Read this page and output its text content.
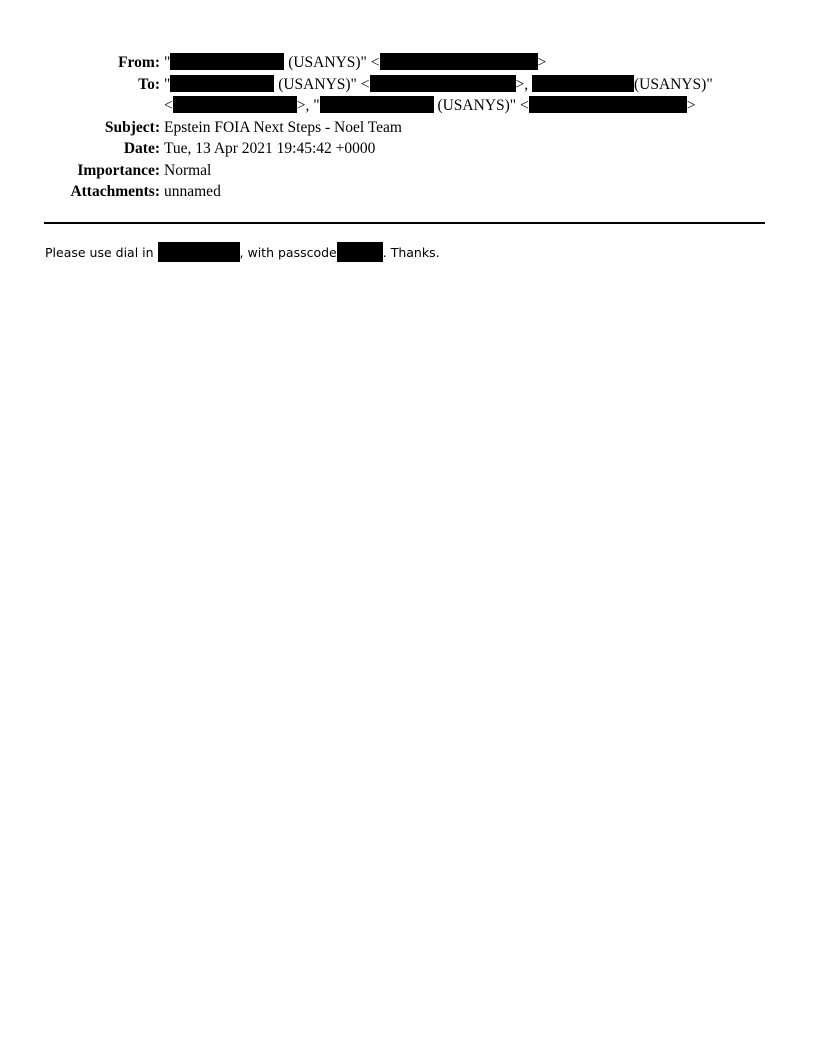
From: "	(USANYS)" <	>
To: "	(USANYS)" <	>,	(USANYS)"
<	>, "	(USANYS)" <	>
Subject: Epstein FOIA Next Steps - Noel Team
Date: Tue, 13 Apr 2021 19:45:42 +0000
Importance: Normal
Attachments: unnamed
Please use dial in	, with passcode	. Thanks.
